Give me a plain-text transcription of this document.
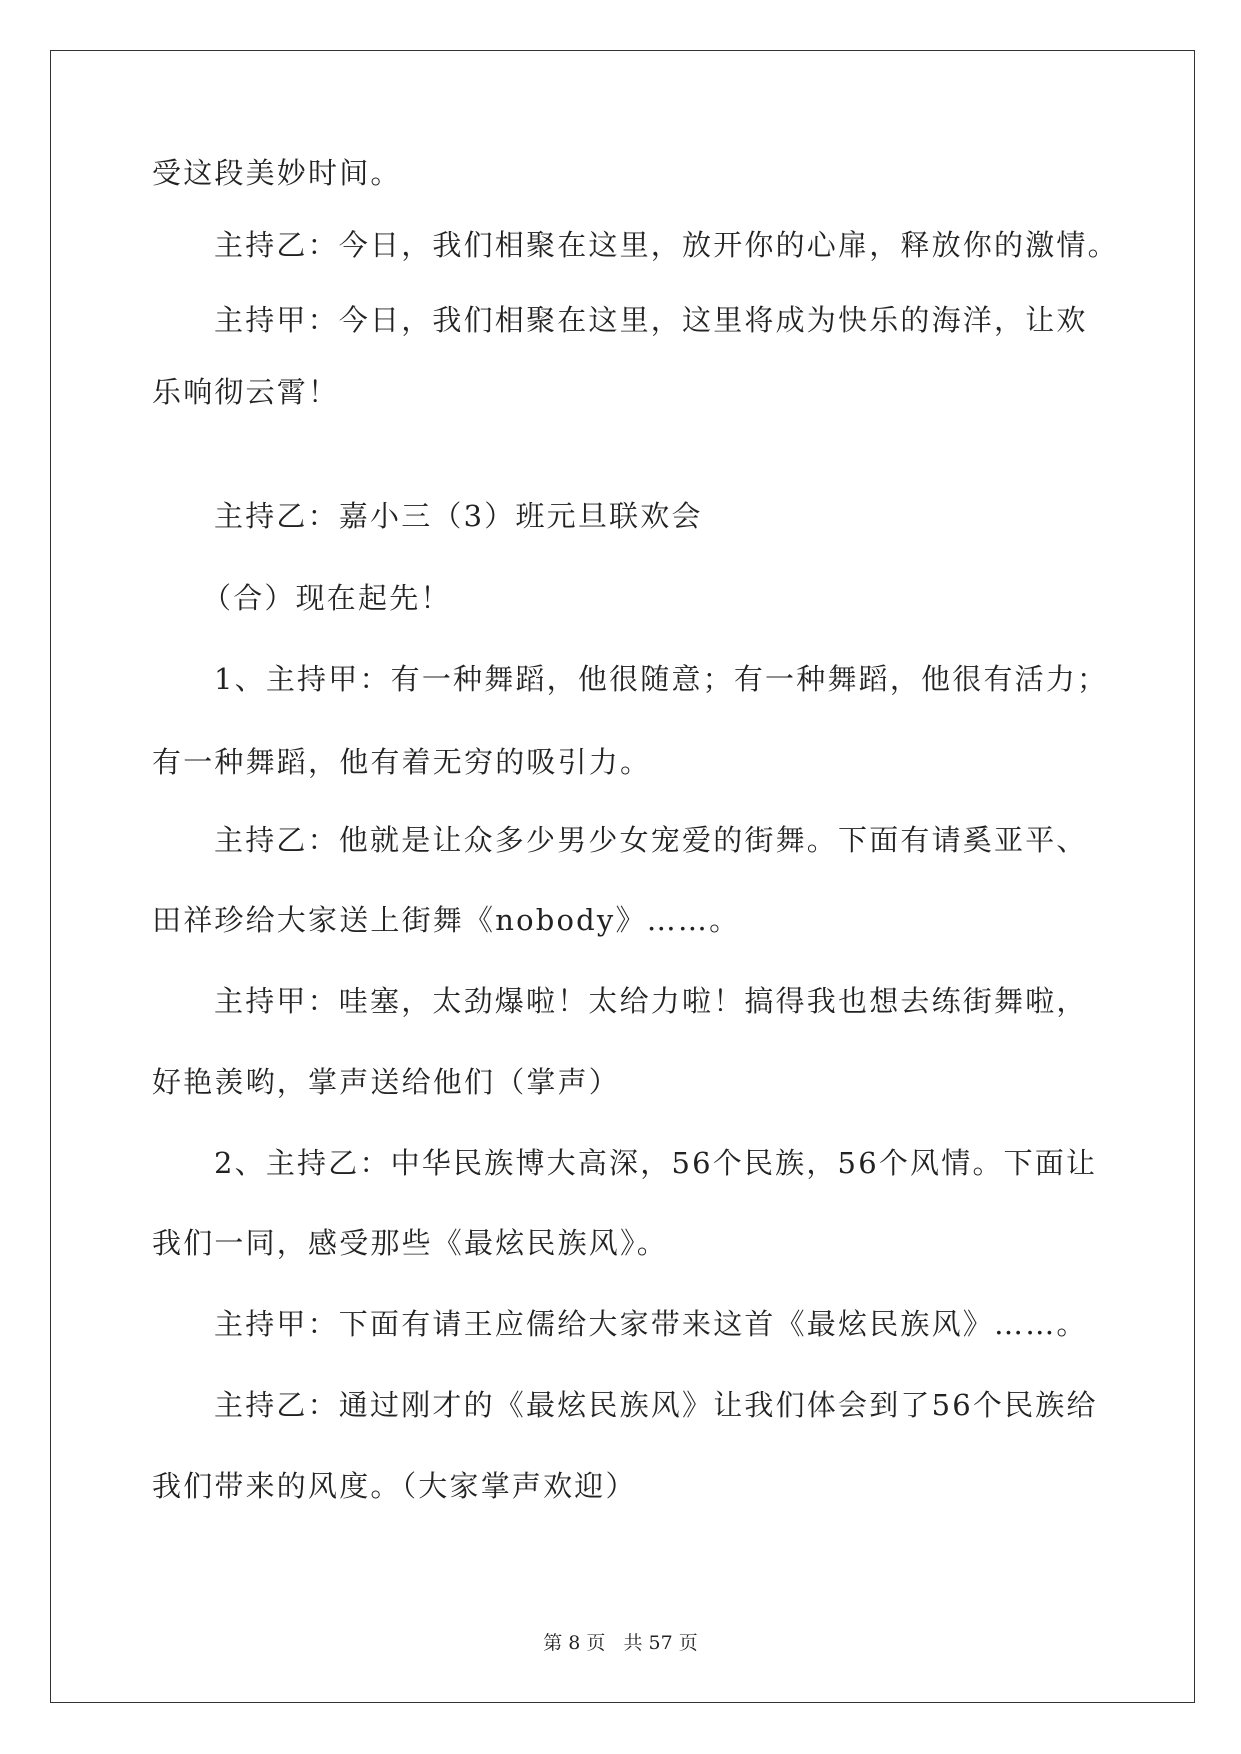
受这段美妙时间。
主持乙：今日，我们相聚在这里，放开你的心扉，释放你的激情。
主持甲：今日，我们相聚在这里，这里将成为快乐的海洋，让欢
乐响彻云霄！
主持乙：嘉小三（3）班元旦联欢会
（合）现在起先！
1、主持甲：有一种舞蹈，他很随意；有一种舞蹈，他很有活力；
有一种舞蹈，他有着无穷的吸引力。
主持乙：他就是让众多少男少女宠爱的街舞。下面有请奚亚平、
田祥珍给大家送上街舞《nobody》……。
主持甲：哇塞，太劲爆啦！太给力啦！搞得我也想去练街舞啦，
好艳羡哟，掌声送给他们（掌声）
2、主持乙：中华民族博大高深，56个民族，56个风情。下面让
我们一同，感受那些《最炫民族风》。
主持甲：下面有请王应儒给大家带来这首《最炫民族风》……。
主持乙：通过刚才的《最炫民族风》让我们体会到了56个民族给
我们带来的风度。（大家掌声欢迎）
第 8 页   共 57 页
